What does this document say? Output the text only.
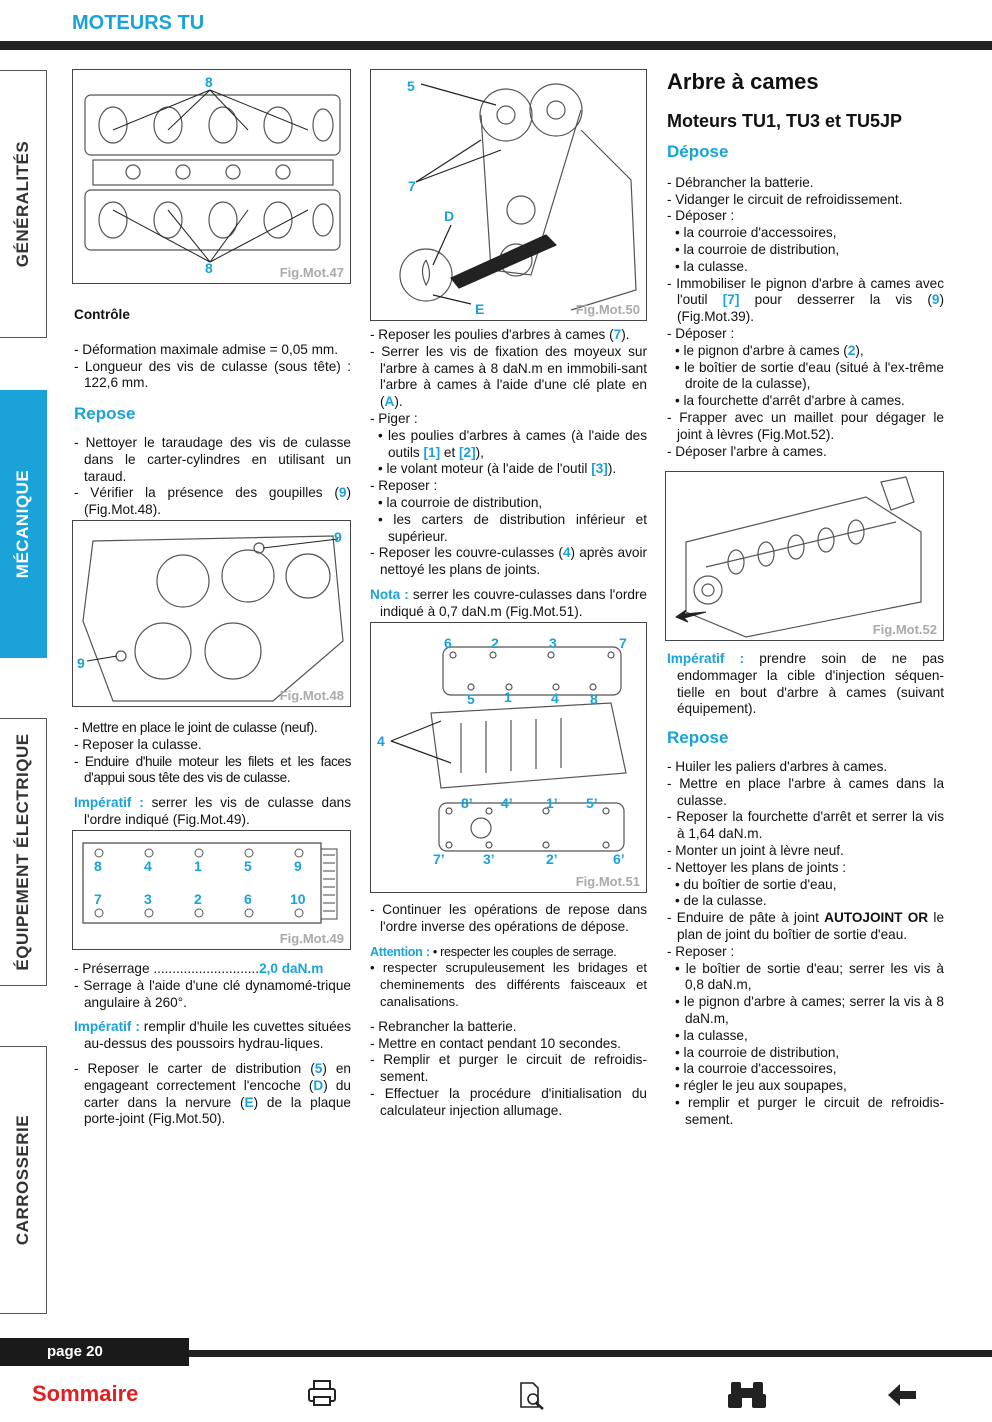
MOTEURS TU
GÉNÉRALITÉS
MÉCANIQUE
ÉQUIPEMENT ÉLECTRIQUE
CARROSSERIE
8
8	Fig.Mot.47

Contrôle

- Déformation maximale admise = 0,05 mm.

- Longueur des vis de culasse (sous tête) : 122,6 mm.

Repose

- Nettoyer le taraudage des vis de culasse dans le carter-cylindres en utilisant un taraud.

- Vérifier la présence des goupilles (9) (Fig.Mot.48).

9
9
Fig.Mot.48

- Mettre en place le joint de culasse (neuf).

- Reposer la culasse.

- Enduire d'huile moteur les filets et les faces d'appui sous tête des vis de culasse.

Impératif : serrer les vis de culasse dans l'ordre indiqué (Fig.Mot.49).

8	4	1	5	9
7	3	2	6	10
Fig.Mot.49

- Préserrage ............................2,0 daN.m

- Serrage à l'aide d'une clé dynamomé-trique angulaire à 260°.

Impératif : remplir d'huile les cuvettes situées au-dessus des poussoirs hydrau-liques.

- Reposer le carter de distribution (5) en engageant correctement l'encoche (D) du carter dans la nervure (E) de la plaque porte-joint (Fig.Mot.50).

5
7
D
E	Fig.Mot.50

- Reposer les poulies d'arbres à cames (7).

- Serrer les vis de fixation des moyeux sur l'arbre à cames à 8 daN.m en immobili-sant l'arbre à cames à l'aide d'une clé plate en (A).

- Piger :

• les poulies d'arbres à cames (à l'aide des outils [1] et [2]),

• le volant moteur (à l'aide de l'outil [3]).

- Reposer :

• la courroie de distribution,

• les carters de distribution inférieur et supérieur.

- Reposer les couvre-culasses (4) après avoir nettoyé les plans de joints.

Nota : serrer les couvre-culasses dans l'ordre indiqué à 0,7 daN.m (Fig.Mot.51).

6	2	3	7
5 1	4 8
4
8’ 4’ 1’ 5’
7’	3’	2’	6’
Fig.Mot.51

- Continuer les opérations de repose dans l'ordre inverse des opérations de dépose.

Attention : • respecter les couples de serrage.

• respecter scrupuleusement les bridages et cheminements des différents faisceaux et canalisations.

- Rebrancher la batterie.

- Mettre en contact pendant 10 secondes.

- Remplir et purger le circuit de refroidis-sement.

- Effectuer la procédure d'initialisation du calculateur injection allumage.

Arbre à cames

Moteurs TU1, TU3 et TU5JP

Dépose

- Débrancher la batterie.

- Vidanger le circuit de refroidissement.

- Déposer :

• la courroie d'accessoires,

• la courroie de distribution,

• la culasse.

- Immobiliser le pignon d'arbre à cames avec l'outil [7] pour desserrer la vis (9) (Fig.Mot.39).

- Déposer :

• le pignon d'arbre à cames (2),

• le boîtier de sortie d'eau (situé à l'ex-trême droite de la culasse),

• la fourchette d'arrêt d'arbre à cames.

- Frapper avec un maillet pour dégager le joint à lèvres (Fig.Mot.52).

- Déposer l'arbre à cames.

Fig.Mot.52

Impératif : prendre soin de ne pas endommager la cible d'injection séquen-tielle en bout d'arbre à cames (suivant équipement).

Repose

- Huiler les paliers d'arbres à cames.

- Mettre en place l'arbre à cames dans la culasse.

- Reposer la fourchette d'arrêt et serrer la vis à 1,64 daN.m.

- Monter un joint à lèvre neuf.

- Nettoyer les plans de joints :

• du boîtier de sortie d'eau,

• de la culasse.

- Enduire de pâte à joint AUTOJOINT OR le plan de joint du boîtier de sortie d'eau.

- Reposer :

• le boîtier de sortie d'eau; serrer les vis à 0,8 daN.m,

• le pignon d'arbre à cames; serrer la vis à 8 daN.m,

• la culasse,

• la courroie de distribution,

• la courroie d'accessoires,

• régler le jeu aux soupapes,

• remplir et purger le circuit de refroidis-sement.

page 20
Sommaire
